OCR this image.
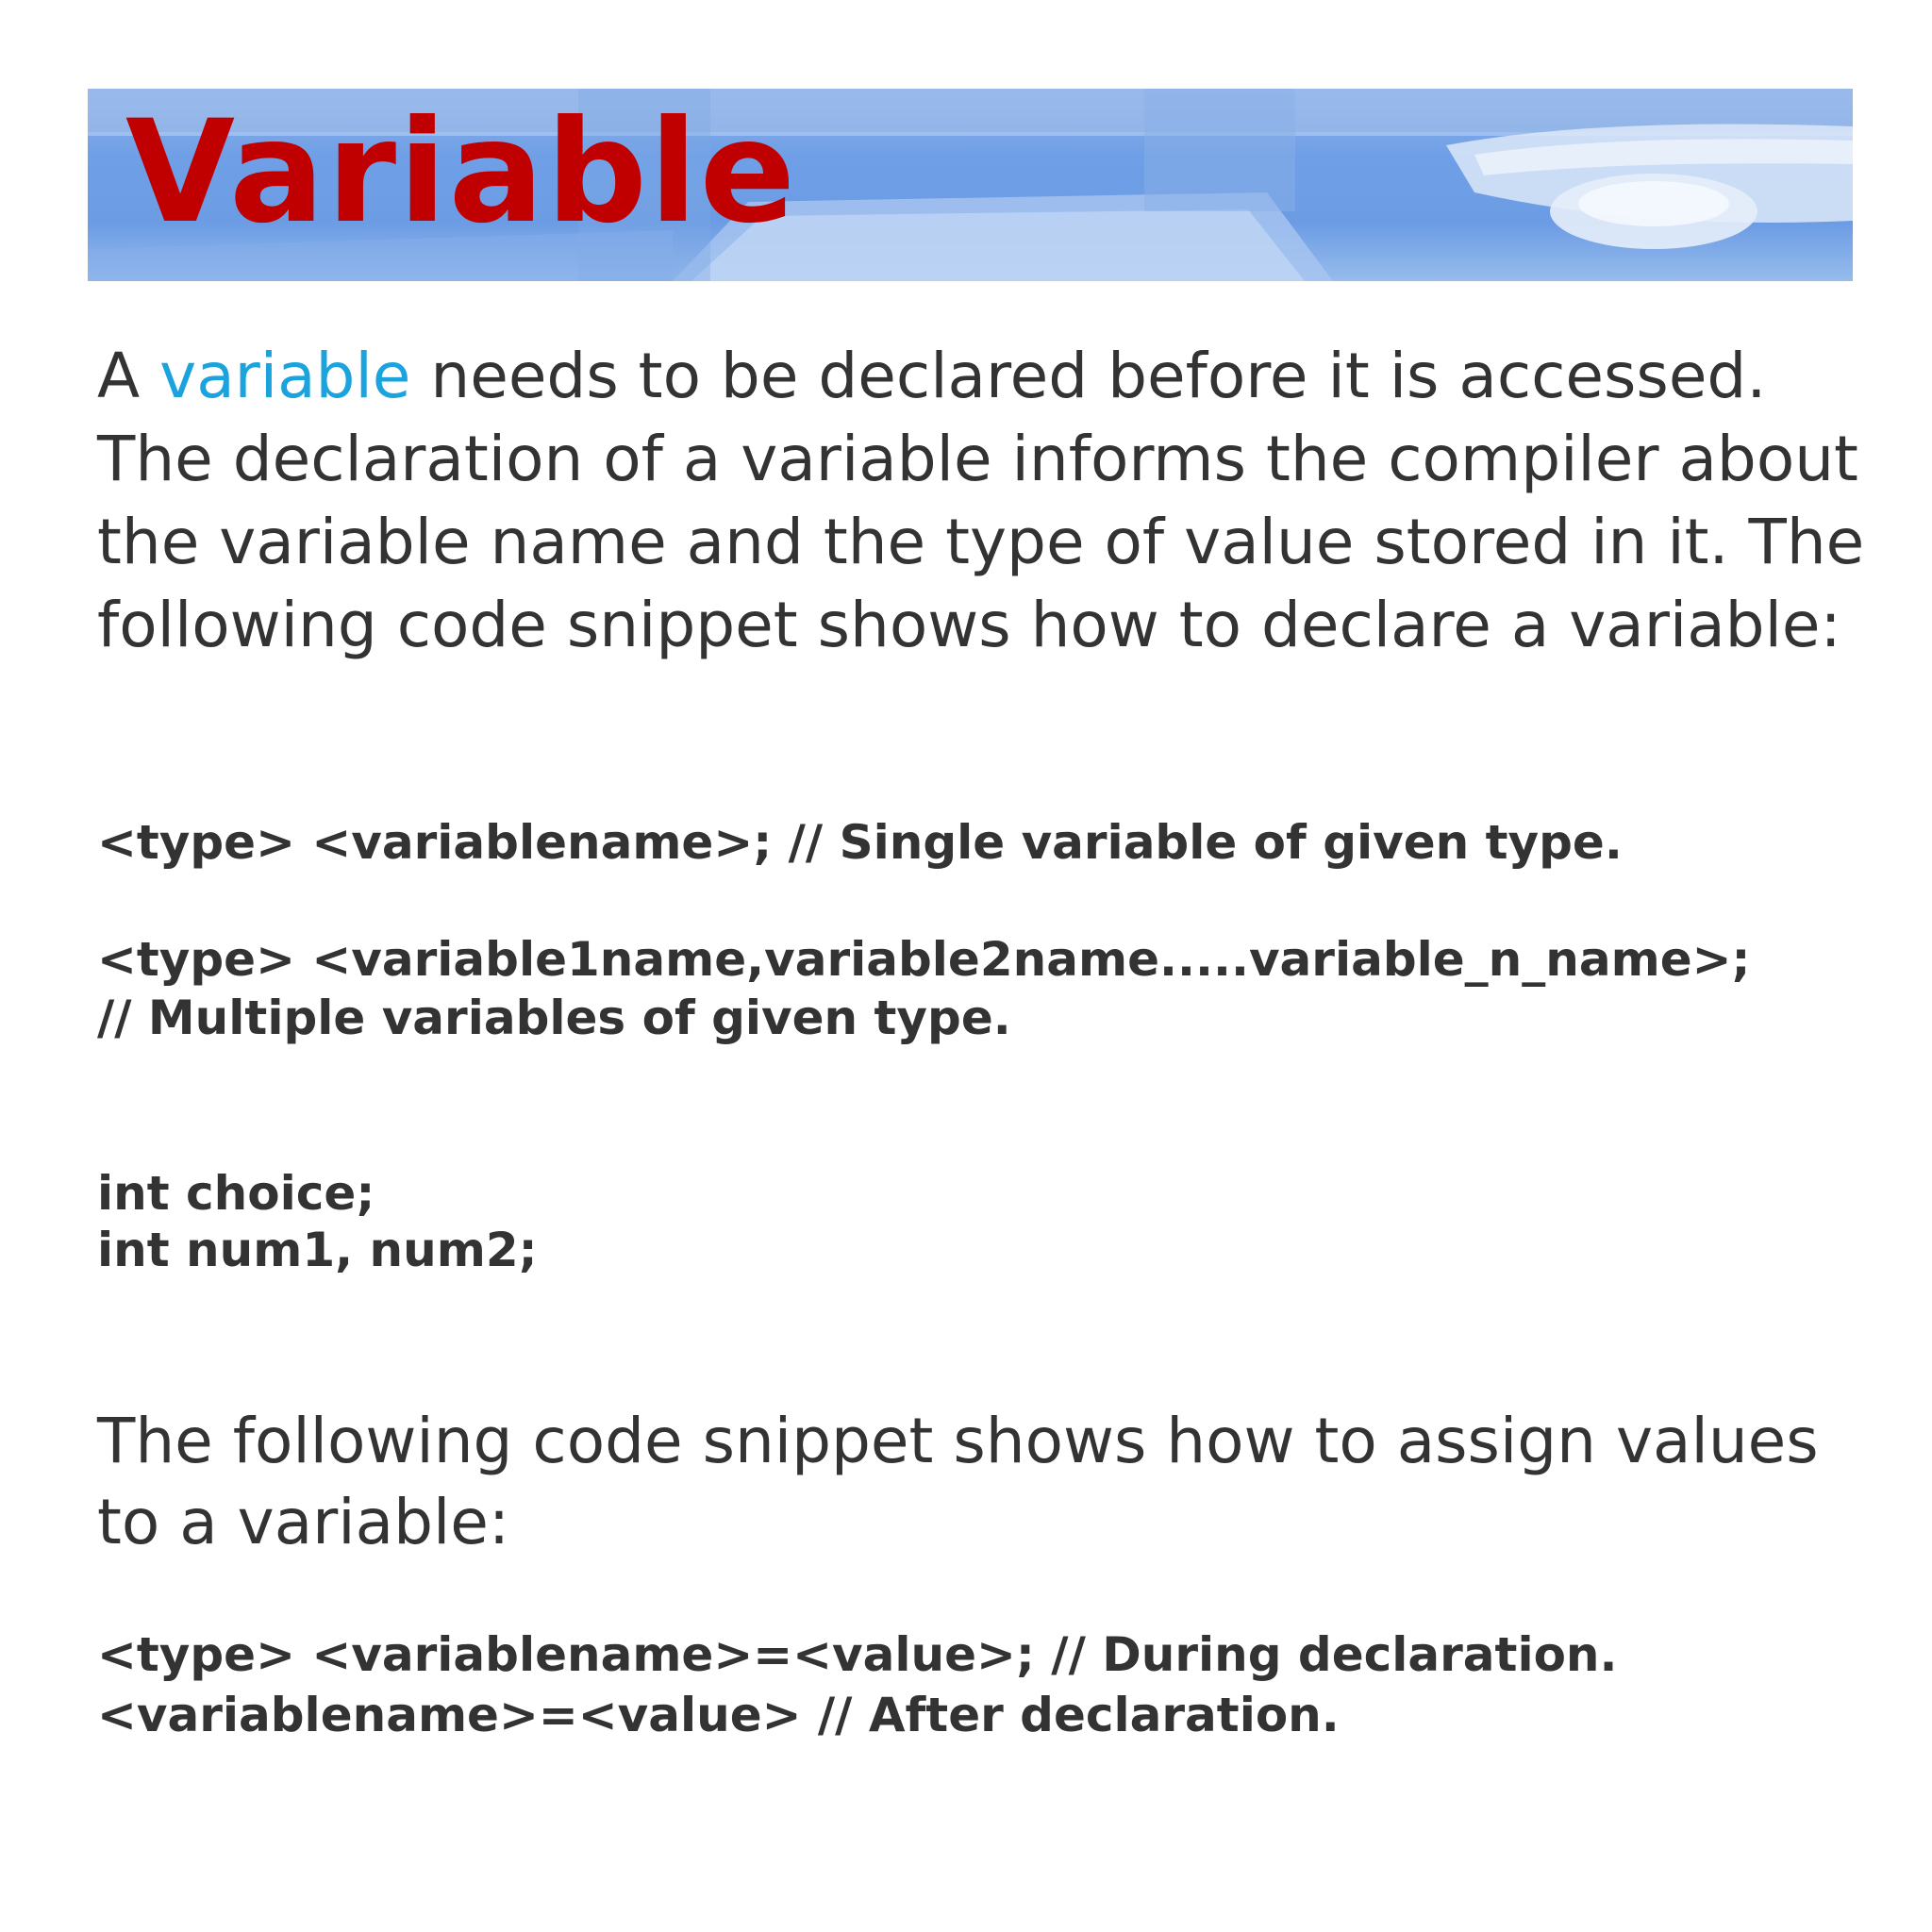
Variable

A variable needs to be declared before it is accessed. The declaration of a variable informs the compiler about the variable name and the type of value stored in it. The following code snippet shows how to declare a variable:

<type> <variablename>; // Single variable of given type.

<type> <variable1name,variable2name.....variable_n_name>;

// Multiple variables of given type.

int choice;

int num1, num2;

The following code snippet shows how to assign values to a variable:

<type> <variablename>=<value>; // During declaration.

<variablename>=<value> // After declaration.
